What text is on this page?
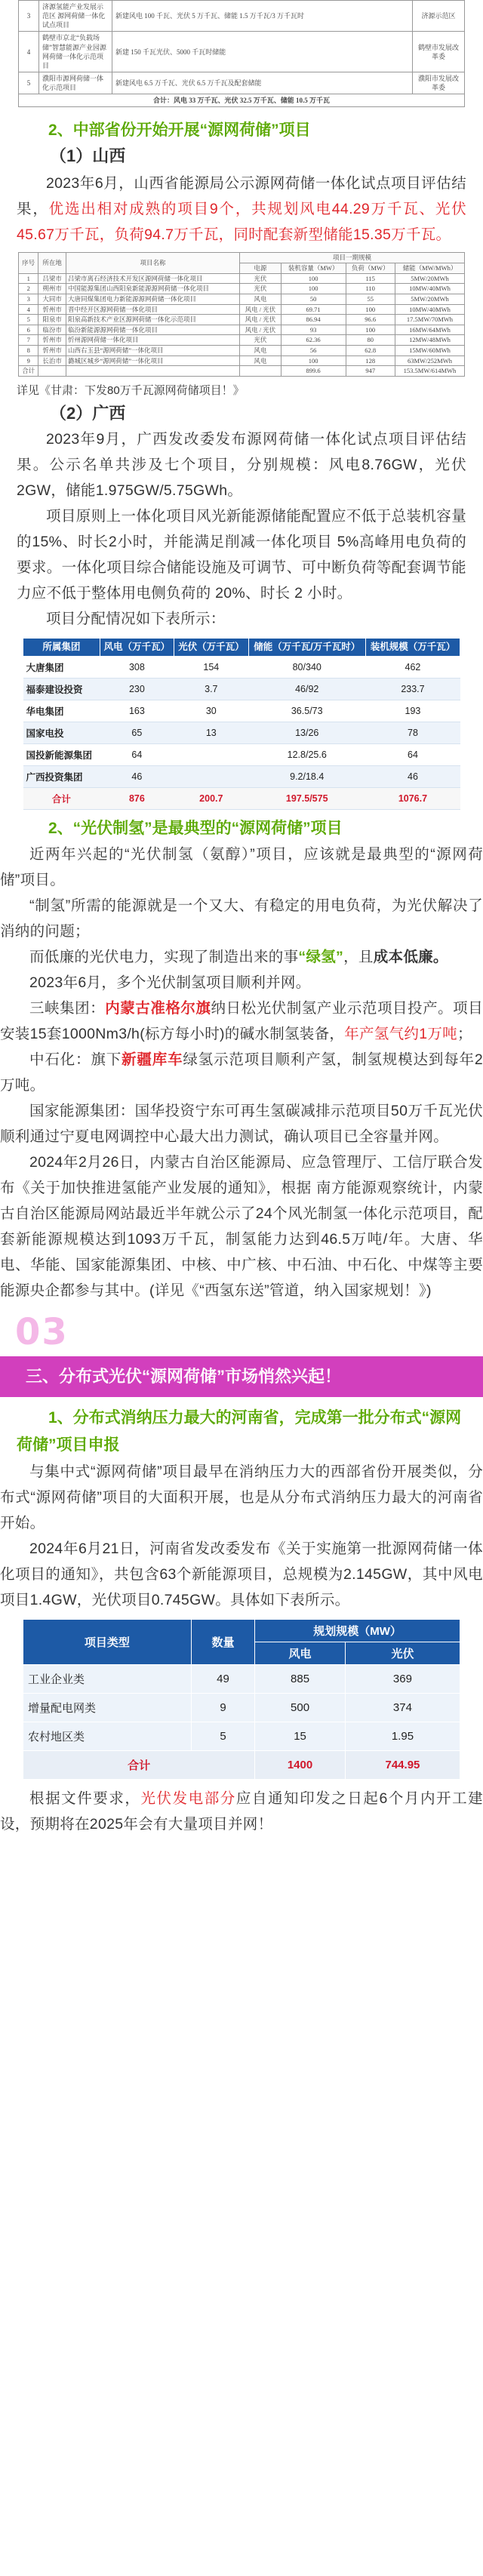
3	济源氢能产业发展示范区 源网荷储一体化试点项目	新建风电 100 千瓦、光伏 5 万千瓦、储能 1.5 万千瓦/3 万千瓦时	济源示范区
4	鹤壁市京北“负载场储”智慧能源产业园源网荷储一体化示范项目	新建 150 千瓦光伏、5000 千瓦时储能	鹤壁市发展改革委
5	濮阳市源网荷储一体化示范项目	新建风电 6.5 万千瓦、光伏 6.5 万千瓦及配套储能	濮阳市发展改革委
合计：风电 33 万千瓦、光伏 32.5 万千瓦、储能 10.5 万千瓦			
2、中部省份开始开展“源网荷储”项目
（1）山西

2023年6月，山西省能源局公示源网荷储一体化试点项目评估结果，优选出相对成熟的项目9个，共规划风电44.29万千瓦、光伏45.67万千瓦，负荷94.7万千瓦，同时配套新型储能15.35万千瓦。

序号	所在地	项目名称	项目一期规模			
			电源	装机容量（MW）	负荷（MW）	储能（MW/MWh）
1	吕梁市	吕梁市离石经济技术开发区源网荷储一体化项目	光伏	100	115	5MW/20MWh
2	朔州市	中国能源集团山西阳泉新能源源网荷储一体化项目	光伏	100	110	10MW/40MWh
3	大同市	大唐同煤集团电力新能源源网荷储一体化项目	风电	50	55	5MW/20MWh
4	忻州市	晋中经开区源网荷储一体化项目	风电 / 光伏	69.71	100	10MW/40MWh
5	阳泉市	阳泉高新技术产业区源网荷储一体化示范项目	风电 / 光伏	86.94	96.6	17.5MW/70MWh
6	临汾市	临汾新能源源网荷储一体化项目	风电 / 光伏	93	100	16MW/64MWh
7	忻州市	忻州源网荷储一体化项目	光伏	62.36	80	12MW/48MWh
8	忻州市	山西右玉县“源网荷储”一体化项目	风电	56	62.8	15MW/60MWh
9	长治市	潞城区城乡“源网荷储”一体化项目	风电	100	128	63MW/252MWh
合计				899.6	947	153.5MW/614MWh
详见《甘肃：下发80万千瓦源网荷储项目！》
（2）广西

2023年9月，广西发改委发布源网荷储一体化试点项目评估结果。公示名单共涉及七个项目，分别规模：风电8.76GW，光伏2GW，储能1.975GW/5.75GWh。

项目原则上一体化项目风光新能源储能配置应不低于总装机容量的15%、时长2小时，并能满足削减一体化项目 5%高峰用电负荷的要求。一体化项目综合储能设施及可调节、可中断负荷等配套调节能力应不低于整体用电侧负荷的 20%、时长 2 小时。

项目分配情况如下表所示：

所属集团	风电（万千瓦）	光伏（万千瓦）	储能（万千瓦/万千瓦时）	装机规模（万千瓦）
大唐集团	308	154	80/340	462
福泰建设投资	230	3.7	46/92	233.7
华电集团	163	30	36.5/73	193
国家电投	65	13	13/26	78
国投新能源集团	64		12.8/25.6	64
广西投资集团	46		9.2/18.4	46
合计	876	200.7	197.5/575	1076.7
2、“光伏制氢”是最典型的“源网荷储”项目

近两年兴起的“光伏制氢（氨醇）”项目，应该就是最典型的“源网荷储”项目。

“制氢”所需的能源就是一个又大、有稳定的用电负荷，为光伏解决了消纳的问题；

而低廉的光伏电力，实现了制造出来的事“绿氢”，且成本低廉。

2023年6月，多个光伏制氢项目顺利并网。

三峡集团：内蒙古准格尔旗纳日松光伏制氢产业示范项目投产。项目安装15套1000Nm3/h(标方每小时)的碱水制氢装备，年产氢气约1万吨；

中石化：旗下新疆库车绿氢示范项目顺利产氢，制氢规模达到每年2万吨。

国家能源集团：国华投资宁东可再生氢碳减排示范项目50万千瓦光伏顺利通过宁夏电网调控中心最大出力测试，确认项目已全容量并网。

2024年2月26日，内蒙古自治区能源局、应急管理厅、工信厅联合发布《关于加快推进氢能产业发展的通知》，根据 南方能源观察统计，内蒙古自治区能源局网站最近半年就公示了24个风光制氢一体化示范项目，配套新能源规模达到1093万千瓦，制氢能力达到46.5万吨/年。大唐、华电、华能、国家能源集团、中核、中广核、中石油、中石化、中煤等主要能源央企都参与其中。(详见《“西氢东送”管道，纳入国家规划！》)

03
三、分布式光伏“源网荷储”市场悄然兴起！
1、分布式消纳压力最大的河南省，完成第一批分布式“源网荷储”项目申报

与集中式“源网荷储”项目最早在消纳压力大的西部省份开展类似，分布式“源网荷储”项目的大面积开展，也是从分布式消纳压力最大的河南省开始。

2024年6月21日，河南省发改委发布《关于实施第一批源网荷储一体化项目的通知》，共包含63个新能源项目，总规模为2.145GW，其中风电项目1.4GW，光伏项目0.745GW。具体如下表所示。

项目类型	数量	规划规模（MW）	
		风电	光伏
工业企业类	49	885	369
增量配电网类	9	500	374
农村地区类	5	15	1.95
合计		1400	744.95

根据文件要求，光伏发电部分应自通知印发之日起6个月内开工建设，预期将在2025年会有大量项目并网！
